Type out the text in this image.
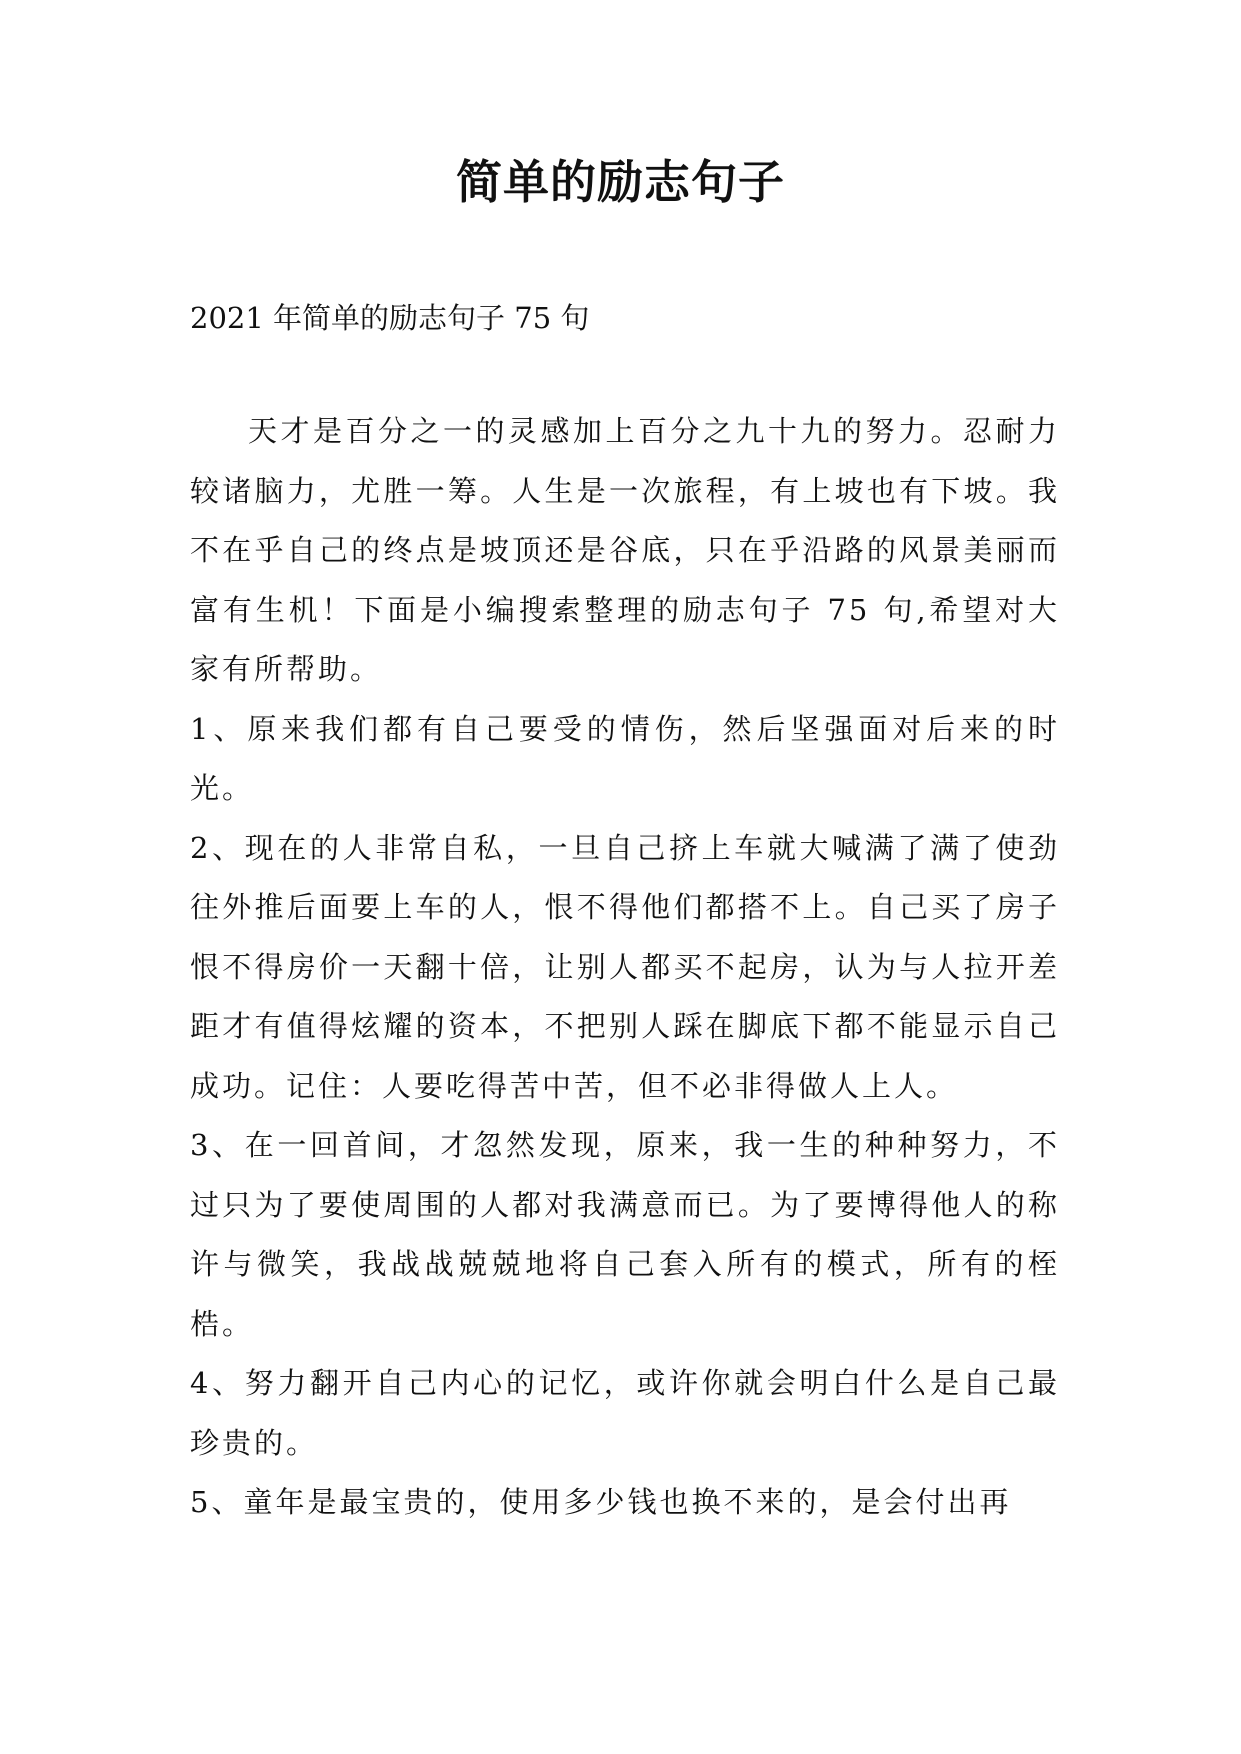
简单的励志句子

2021 年简单的励志句子 75 句

天才是百分之一的灵感加上百分之九十九的努力。忍耐力较诸脑力，尤胜一筹。人生是一次旅程，有上坡也有下坡。我不在乎自己的终点是坡顶还是谷底，只在乎沿路的风景美丽而富有生机！下面是小编搜索整理的励志句子 75 句,希望对大家有所帮助。

1、原来我们都有自己要受的情伤，然后坚强面对后来的时光。

2、现在的人非常自私，一旦自己挤上车就大喊满了满了使劲往外推后面要上车的人，恨不得他们都搭不上。自己买了房子恨不得房价一天翻十倍，让别人都买不起房，认为与人拉开差距才有值得炫耀的资本，不把别人踩在脚底下都不能显示自己成功。记住：人要吃得苦中苦，但不必非得做人上人。

3、在一回首间，才忽然发现，原来，我一生的种种努力，不过只为了要使周围的人都对我满意而已。为了要博得他人的称许与微笑，我战战兢兢地将自己套入所有的模式，所有的桎梏。

4、努力翻开自己内心的记忆，或许你就会明白什么是自己最珍贵的。

5、童年是最宝贵的，使用多少钱也换不来的，是会付出再
